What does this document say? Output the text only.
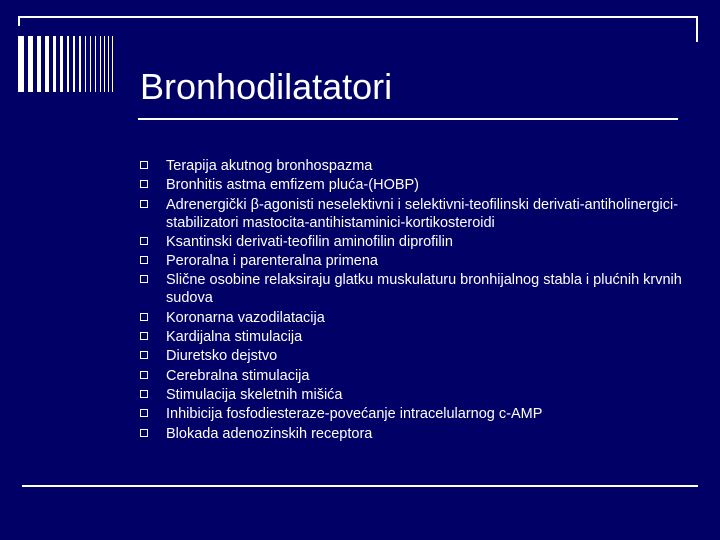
Bronhodilatatori
Terapija akutnog bronhospazma
Bronhitis astma emfizem pluća-(HOBP)
Adrenergički β-agonisti neselektivni i selektivni-teofilinski derivati-antiholinergici-stabilizatori mastocita-antihistaminici-kortikosteroidi
Ksantinski derivati-teofilin aminofilin diprofilin
Peroralna i parenteralna primena
Slične osobine relaksiraju glatku muskulaturu bronhijalnog stabla i plućnih krvnih sudova
Koronarna vazodilatacija
Kardijalna stimulacija
Diuretsko dejstvo
Cerebralna stimulacija
Stimulacija skeletnih mišića
Inhibicija fosfodiesteraze-povećanje intracelularnog c-AMP
Blokada adenozinskih receptora
